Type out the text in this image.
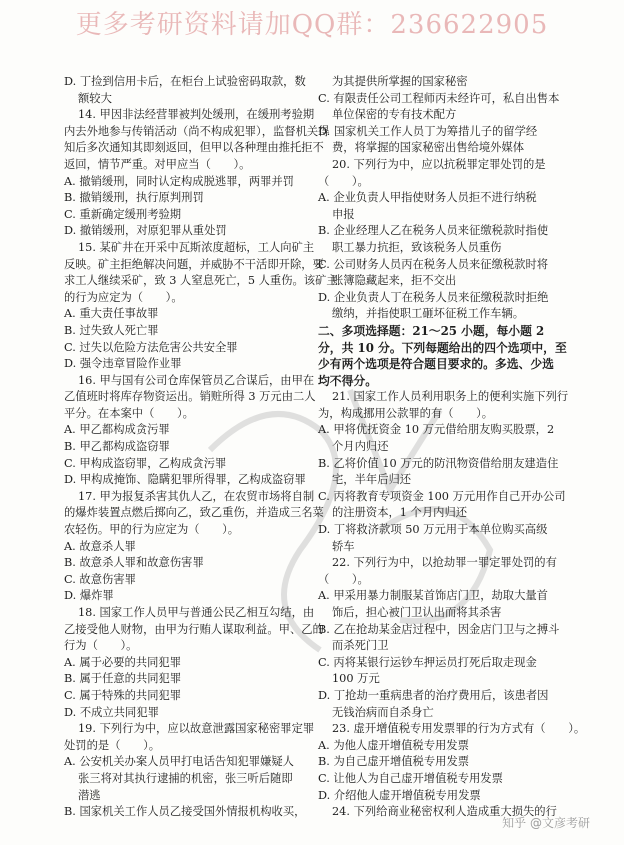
更多考研资料请加QQ群：236622905
D. 丁捡到信用卡后，在柜台上试验密码取款，数
额较大
14. 甲因非法经营罪被判处缓刑，在缓刑考验期
内去外地参与传销活动（尚不构成犯罪），监督机关得
知后多次通知其即刻返回，但甲以各种理由推托拒不
返回，情节严重。对甲应当（　　）。
A. 撤销缓刑，同时认定构成脱逃罪，两罪并罚
B. 撤销缓刑，执行原判刑罚
C. 重新确定缓刑考验期
D. 撤销缓刑，对原犯罪从重处罚
15. 某矿井在开采中瓦斯浓度超标，工人向矿主
反映。矿主拒绝解决问题，并威胁不干活即开除，要
求工人继续采矿，致 3 人窒息死亡，5 人重伤。该矿主
的行为应定为（　　）。
A. 重大责任事故罪
B. 过失致人死亡罪
C. 过失以危险方法危害公共安全罪
D. 强令违章冒险作业罪
16. 甲与国有公司仓库保管员乙合谋后，由甲在
乙值班时将库存物资运出。销赃所得 3 万元由二人
平分。在本案中（　　）。
A. 甲乙都构成贪污罪
B. 甲乙都构成盗窃罪
C. 甲构成盗窃罪，乙构成贪污罪
D. 甲构成掩饰、隐瞒犯罪所得罪，乙构成盗窃罪
17. 甲为报复杀害其仇人乙，在农贸市场将自制
的爆炸装置点燃后掷向乙，致乙重伤，并造成三名菜
农轻伤。甲的行为应定为（　　）。
A. 故意杀人罪
B. 故意杀人罪和故意伤害罪
C. 故意伤害罪
D. 爆炸罪
18. 国家工作人员甲与普通公民乙相互勾结，由
乙接受他人财物，由甲为行贿人谋取利益。甲、乙的
行为（　　）。
A. 属于必要的共同犯罪
B. 属于任意的共同犯罪
C. 属于特殊的共同犯罪
D. 不成立共同犯罪
19. 下列行为中，应以故意泄露国家秘密罪定罪
处罚的是（　　）。
A. 公安机关办案人员甲打电话告知犯罪嫌疑人
张三将对其执行逮捕的机密，张三听后随即
潜逃
B. 国家机关工作人员乙接受国外情报机构收买，
为其提供所掌握的国家秘密
C. 有限责任公司工程师丙未经许可，私自出售本
单位保密的专有技术配方
D. 国家机关工作人员丁为筹措儿子的留学经
费，将掌握的国家秘密出售给境外媒体
20. 下列行为中，应以抗税罪定罪处罚的是
（　　）。
A. 企业负责人甲指使财务人员拒不进行纳税
申报
B. 企业经理人乙在税务人员来征缴税款时指使
职工暴力抗拒，致该税务人员重伤
C. 公司财务人员丙在税务人员来征缴税款时将
账簿隐藏起来，拒不交出
D. 企业负责人丁在税务人员来征缴税款时拒绝
缴纳，并指使职工砸坏征税工作车辆。
二、多项选择题：21～25 小题，每小题 2
分，共 10 分。下列每题给出的四个选项中，至
少有两个选项是符合题目要求的。多选、少选
均不得分。
21. 国家工作人员利用职务上的便利实施下列行
为，构成挪用公款罪的有（　　）。
A. 甲将优抚资金 10 万元借给朋友购买股票，2
个月内归还
B. 乙将价值 10 万元的防汛物资借给朋友建造住
宅，半年后归还
C. 丙将教育专项资金 100 万元用作自己开办公司
的注册资本，1 个月内归还
D. 丁将救济款项 50 万元用于本单位购买高级
轿车
22. 下列行为中，以抢劫罪一罪定罪处罚的有
（　　）。
A. 甲采用暴力制服某首饰店门卫，劫取大量首
饰后，担心被门卫认出而将其杀害
B. 乙在抢劫某金店过程中，因金店门卫与之搏斗
而杀死门卫
C. 丙将某银行运钞车押运员打死后取走现金
100 万元
D. 丁抢劫一重病患者的治疗费用后，该患者因
无钱治病而自杀身亡
23. 虚开增值税专用发票罪的行为方式有（　　）。
A. 为他人虚开增值税专用发票
B. 为自己虚开增值税专用发票
C. 让他人为自己虚开增值税专用发票
D. 介绍他人虚开增值税专用发票
24. 下列给商业秘密权利人造成重大损失的行
知乎 @文彦考研
